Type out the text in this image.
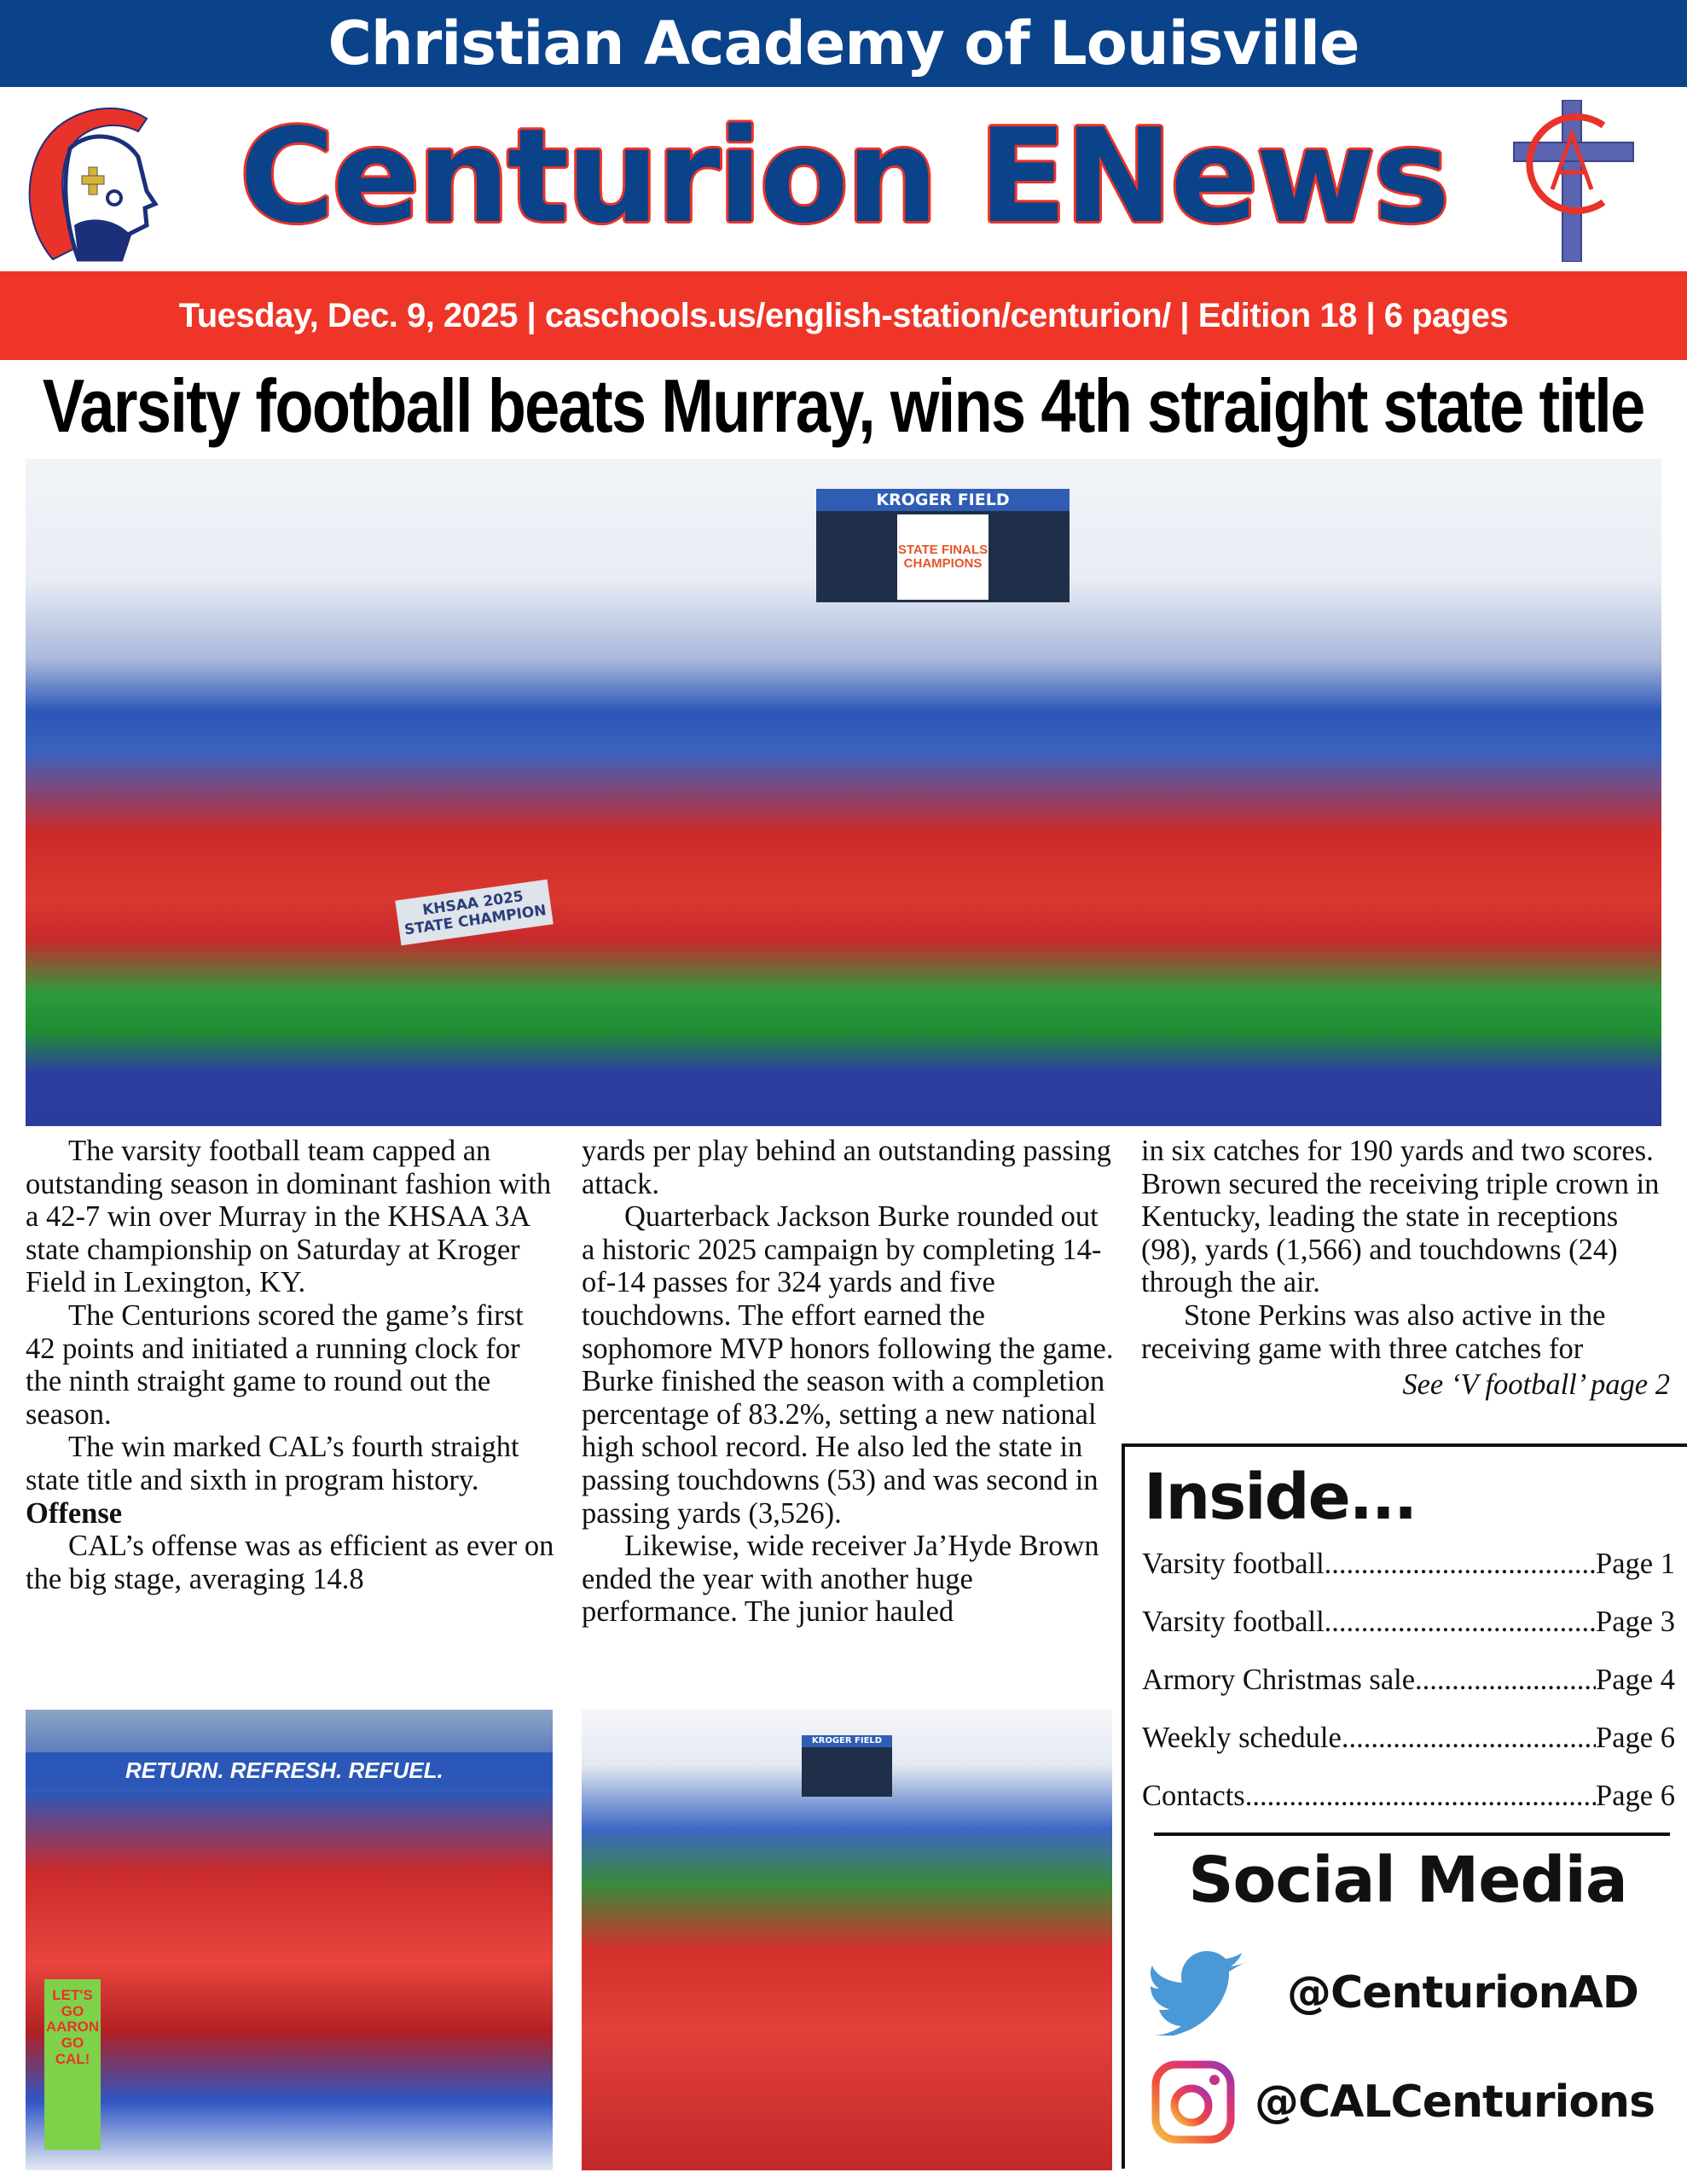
Christian Academy of Louisville
Centurion ENews
Tuesday, Dec. 9, 2025 | caschools.us/english-station/centurion/ | Edition 18 | 6 pages
Varsity football beats Murray, wins 4th straight state title
KROGER FIELD
STATE FINALS CHAMPIONS
KHSAA 2025 STATE CHAMPION

The varsity football team capped an outstanding season in dominant fashion with a 42-7 win over Murray in the KHSAA 3A state championship on Saturday at Kroger Field in Lexington, KY.

The Centurions scored the game’s first 42 points and initiated a running clock for the ninth straight game to round out the season.

The win marked CAL’s fourth straight state title and sixth in program history.

Offense

CAL’s offense was as efficient as ever on the big stage, averaging 14.8

yards per play behind an outstanding passing attack.

Quarterback Jackson Burke rounded out a historic 2025 campaign by completing 14-of-14 passes for 324 yards and five touchdowns. The effort earned the sophomore MVP honors following the game. Burke finished the season with a completion percentage of 83.2%, setting a new national high school record. He also led the state in passing touchdowns (53) and was second in passing yards (3,526).

Likewise, wide receiver Ja’Hyde Brown ended the year with another huge performance. The junior hauled

in six catches for 190 yards and two scores. Brown secured the receiving triple crown in Kentucky, leading the state in receptions (98), yards (1,566) and touchdowns (24) through the air.

Stone Perkins was also active in the receiving game with three catches for

See ‘V football’ page 2

RETURN. REFRESH. REFUEL.
LET'S GO AARON GO CAL!
KROGER FIELD
Inside...
Varsity football .....	Page 1
Varsity football .....	Page 3
Armory Christmas sale .....	Page 4
Weekly schedule .....	Page 6
Contacts .....	Page 6
Social Media
@CenturionAD
@CALCenturions
